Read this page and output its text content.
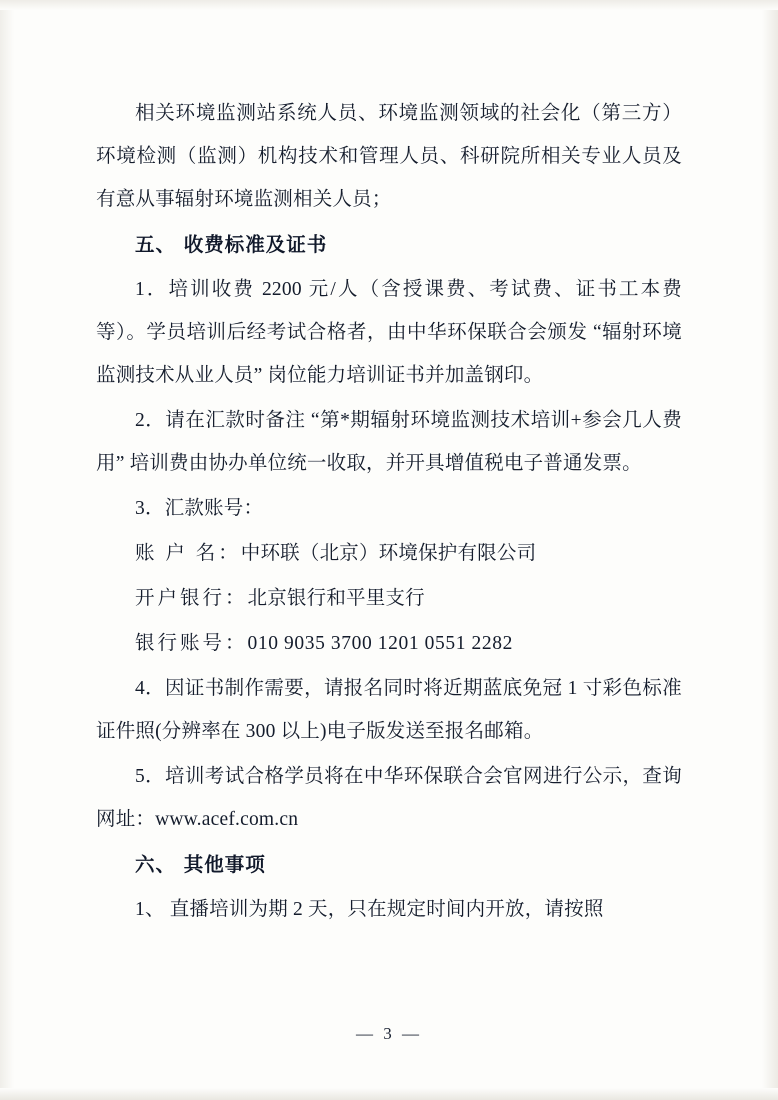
相关环境监测站系统人员、环境监测领域的社会化（第三方）环境检测（监测）机构技术和管理人员、科研院所相关专业人员及有意从事辐射环境监测相关人员；

五、 收费标准及证书

1．培训收费 2200 元/人（含授课费、考试费、证书工本费等）。学员培训后经考试合格者，由中华环保联合会颁发 “辐射环境监测技术从业人员” 岗位能力培训证书并加盖钢印。

2．请在汇款时备注 “第*期辐射环境监测技术培训+参会几人费用” 培训费由协办单位统一收取，并开具增值税电子普通发票。

3．汇款账号：

账 户 名：中环联（北京）环境保护有限公司

开户银行：北京银行和平里支行

银行账号：010 9035 3700 1201 0551 2282

4．因证书制作需要，请报名同时将近期蓝底免冠 1 寸彩色标准证件照(分辨率在 300 以上)电子版发送至报名邮箱。

5．培训考试合格学员将在中华环保联合会官网进行公示，查询网址：www.acef.com.cn

六、 其他事项

1、 直播培训为期 2 天，只在规定时间内开放，请按照

— 3 —
